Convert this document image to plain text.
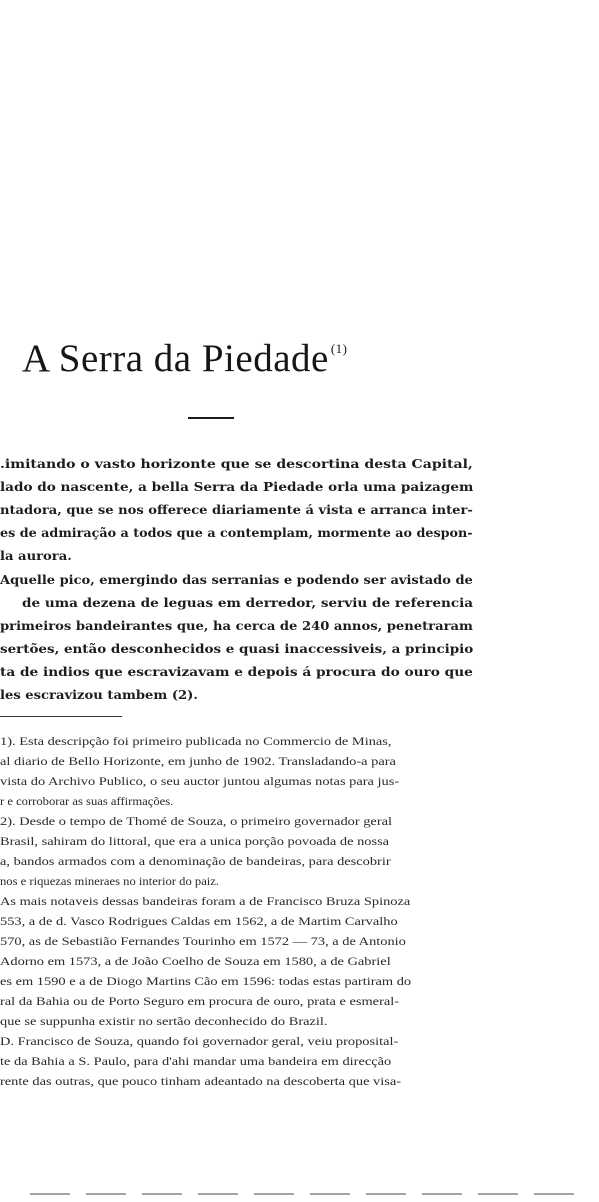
A Serra da Piedade $^{(1)}$

.imitando o vasto horizonte que se descortina desta Capital,

lado do nascente, a bella Serra da Piedade orla uma paizagem

ntadora, que se nos offerece diariamente á vista e arranca inter-

es de admiração a todos que a contemplam, mormente ao despon-

la aurora.

Aquelle pico, emergindo das serranias e podendo ser avistado de

de uma dezena de leguas em derredor, serviu de referencia

primeiros bandeirantes que, ha cerca de 240 annos, penetraram

sertões, então desconhecidos e quasi inaccessiveis, a principio

ta de indios que escravizavam e depois á procura do ouro que

les escravizou tambem (2).

1). Esta descripção foi primeiro publicada no Commercio de Minas,

al diario de Bello Horizonte, em junho de 1902. Transladando-a para

vista do Archivo Publico, o seu auctor juntou algumas notas para jus-

r e corroborar as suas affirmações.

2). Desde o tempo de Thomé de Souza, o primeiro governador geral

Brasil, sahiram do littoral, que era a unica porção povoada de nossa

a, bandos armados com a denominação de bandeiras, para descobrir

nos e riquezas mineraes no interior do paiz.

As mais notaveis dessas bandeiras foram a de Francisco Bruza Spinoza

553, a de d. Vasco Rodrigues Caldas em 1562, a de Martim Carvalho

570, as de Sebastião Fernandes Tourinho em 1572 — 73, a de Antonio

Adorno em 1573, a de João Coelho de Souza em 1580, a de Gabriel

es em 1590 e a de Diogo Martins Cão em 1596: todas estas partiram do

ral da Bahia ou de Porto Seguro em procura de ouro, prata e esmeral-

que se suppunha existir no sertão deconhecido do Brazil.

D. Francisco de Souza, quando foi governador geral, veiu proposital-

te da Bahia a S. Paulo, para d'ahi mandar uma bandeira em direcção

rente das outras, que pouco tinham adeantado na descoberta que visa-
